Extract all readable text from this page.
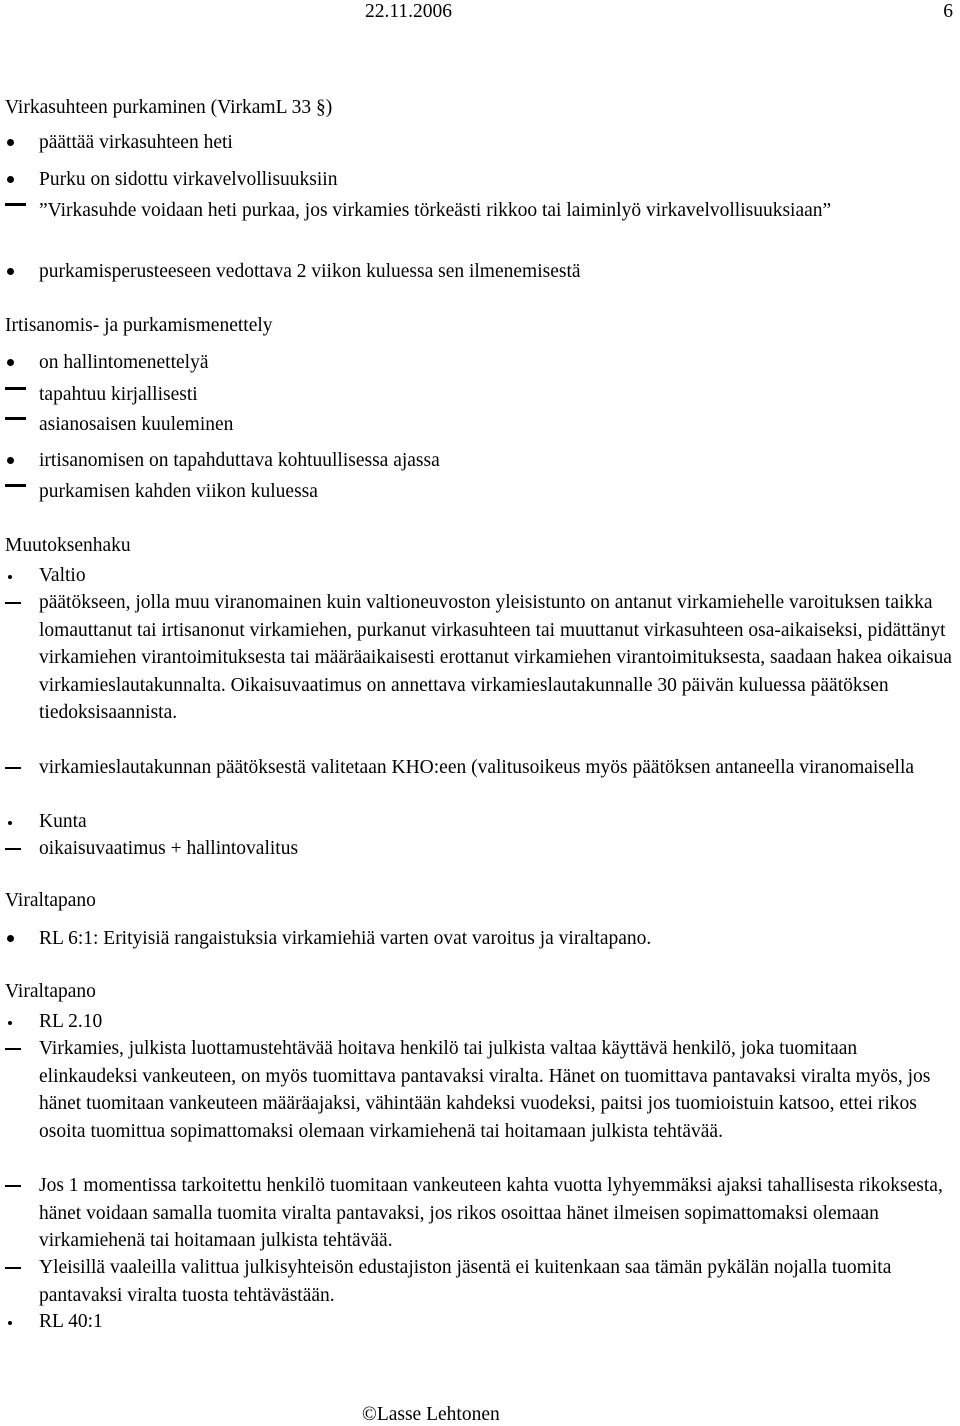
22.11.2006	6
Virkasuhteen purkaminen (VirkamL 33 §)
päättää virkasuhteen heti
Purku on sidottu virkavelvollisuuksiin
”Virkasuhde voidaan heti purkaa, jos virkamies törkeästi rikkoo tai laiminlyö virkavelvollisuuksiaan”
purkamisperusteeseen vedottava 2 viikon kuluessa sen ilmenemisestä
Irtisanomis- ja purkamismenettely
on hallintomenettelyä
tapahtuu kirjallisesti
asianosaisen kuuleminen
irtisanomisen on tapahduttava kohtuullisessa ajassa
purkamisen kahden viikon kuluessa
Muutoksenhaku
Valtio
päätökseen, jolla muu viranomainen kuin valtioneuvoston yleisistunto on antanut virkamiehelle varoituksen taikka lomauttanut tai irtisanonut virkamiehen, purkanut virkasuhteen tai muuttanut virkasuhteen osa-aikaiseksi, pidättänyt virkamiehen virantoimituksesta tai määräaikaisesti erottanut virkamiehen virantoimituksesta, saadaan hakea oikaisua virkamieslautakunnalta. Oikaisuvaatimus on annettava virkamieslautakunnalle 30 päivän kuluessa päätöksen tiedoksisaannista.
virkamieslautakunnan päätöksestä valitetaan KHO:een (valitusoikeus myös päätöksen antaneella viranomaisella
Kunta
oikaisuvaatimus + hallintovalitus
Viraltapano
RL 6:1: Erityisiä rangaistuksia virkamiehiä varten ovat varoitus ja viraltapano.
Viraltapano
RL 2.10
Virkamies, julkista luottamustehtävää hoitava henkilö tai julkista valtaa käyttävä henkilö, joka tuomitaan elinkaudeksi vankeuteen, on myös tuomittava pantavaksi viralta. Hänet on tuomittava pantavaksi viralta myös, jos hänet tuomitaan vankeuteen määräajaksi, vähintään kahdeksi vuodeksi, paitsi jos tuomioistuin katsoo, ettei rikos osoita tuomittua sopimattomaksi olemaan virkamiehenä tai hoitamaan julkista tehtävää.
Jos 1 momentissa tarkoitettu henkilö tuomitaan vankeuteen kahta vuotta lyhyemmäksi ajaksi tahallisesta rikoksesta, hänet voidaan samalla tuomita viralta pantavaksi, jos rikos osoittaa hänet ilmeisen sopimattomaksi olemaan virkamiehenä tai hoitamaan julkista tehtävää.
Yleisillä vaaleilla valittua julkisyhteisön edustajiston jäsentä ei kuitenkaan saa tämän pykälän nojalla tuomita pantavaksi viralta tuosta tehtävästään.
RL 40:1
©Lasse Lehtonen
